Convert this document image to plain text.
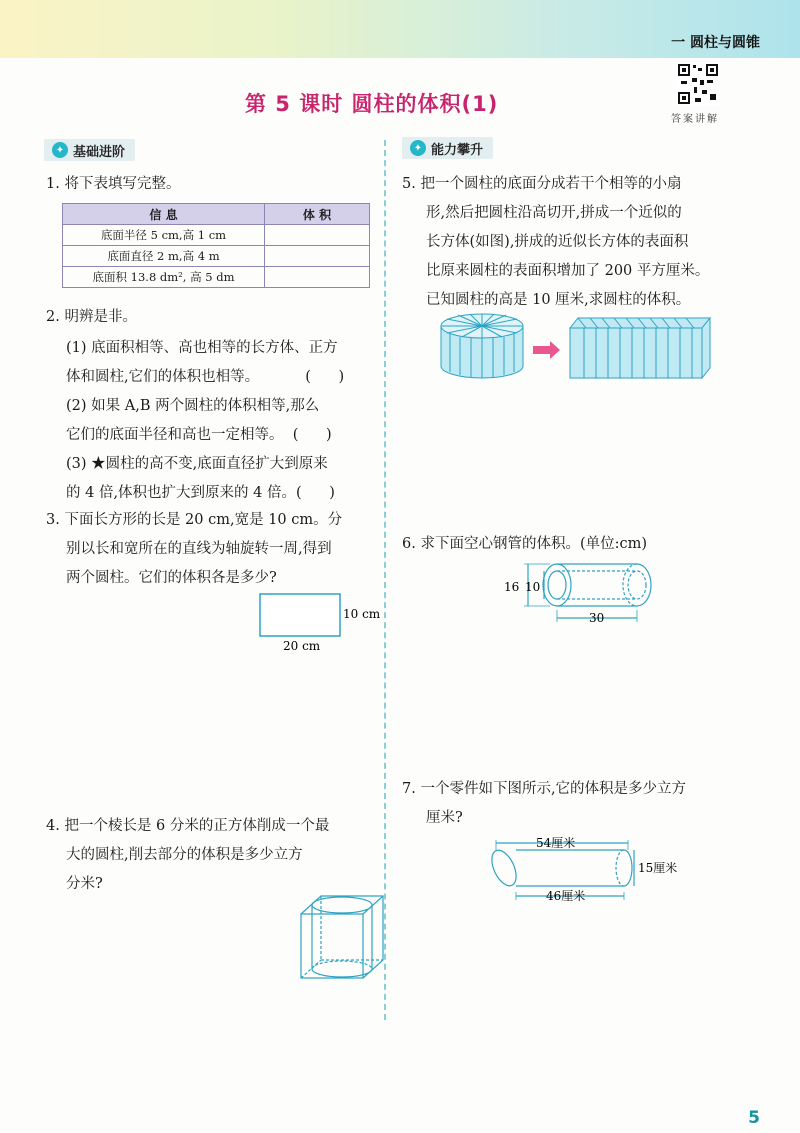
一 圆柱与圆锥
第 5 课时 圆柱的体积(1)
答案讲解
✦ 基础进阶	✦ 能力攀升
1. 将下表填写完整。
信 息	体 积
底面半径 5 cm,高 1 cm	
底面直径 2 m,高 4 m	
底面积 13.8 dm², 高 5 dm	
2. 明辨是非。
(1) 底面积相等、高也相等的长方体、正方
体和圆柱,它们的体积也相等。          (      )
(2) 如果 A,B 两个圆柱的体积相等,那么
它们的底面半径和高也一定相等。  (      )
(3) ★圆柱的高不变,底面直径扩大到原来
的 4 倍,体积也扩大到原来的 4 倍。(      )
3. 下面长方形的长是 20 cm,宽是 10 cm。分
别以长和宽所在的直线为轴旋转一周,得到
两个圆柱。它们的体积各是多少?
10 cm
20 cm
4. 把一个棱长是 6 分米的正方体削成一个最
大的圆柱,削去部分的体积是多少立方
分米?
5. 把一个圆柱的底面分成若干个相等的小扇
形,然后把圆柱沿高切开,拼成一个近似的
长方体(如图),拼成的近似长方体的表面积
比原来圆柱的表面积增加了 200 平方厘米。
已知圆柱的高是 10 厘米,求圆柱的体积。
6. 求下面空心钢管的体积。(单位:cm)
16 10
30
7. 一个零件如下图所示,它的体积是多少立方
厘米?
54厘米
46厘米
15厘米
5
